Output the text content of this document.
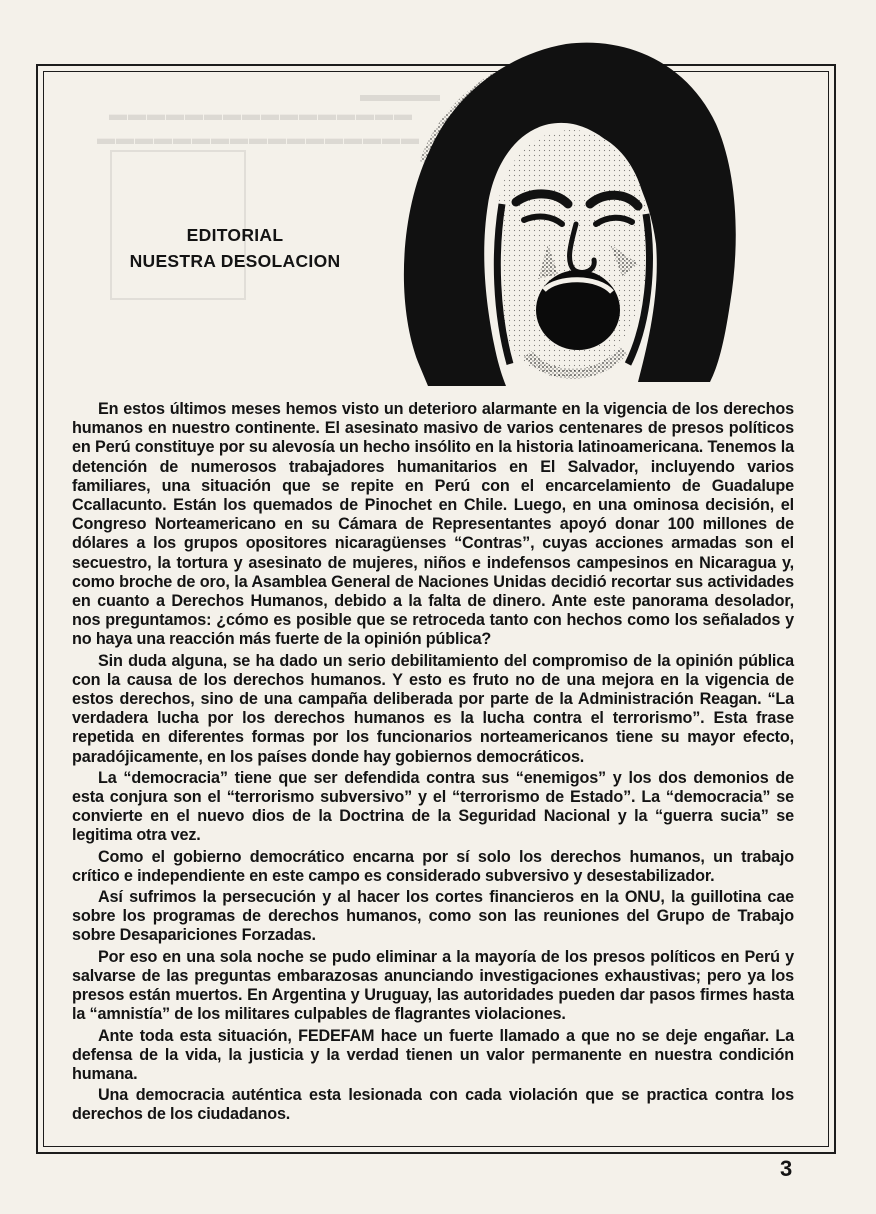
▬▬▬▬
▬▬▬▬▬▬▬▬▬▬▬▬▬▬▬▬
▬▬▬▬▬▬▬▬▬▬▬▬▬▬▬▬▬
EDITORIAL
NUESTRA DESOLACION

En estos últimos meses hemos visto un deterioro alarmante en la vigencia de los derechos humanos en nuestro continente. El asesinato masivo de varios centenares de presos políticos en Perú constituye por su alevosía un hecho insólito en la historia latinoamericana. Tenemos la detención de numerosos trabajadores humanitarios en El Salvador, incluyendo varios familiares, una situación que se repite en Perú con el encarcelamiento de Guadalupe Ccallacunto. Están los quemados de Pinochet en Chile. Luego, en una ominosa decisión, el Congreso Norteamericano en su Cámara de Representantes apoyó donar 100 millones de dólares a los grupos opositores nicaragüenses “Contras”, cuyas acciones armadas son el secuestro, la tortura y asesinato de mujeres, niños e indefensos campesinos en Nicaragua y, como broche de oro, la Asamblea General de Naciones Unidas decidió recortar sus actividades en cuanto a Derechos Humanos, debido a la falta de dinero. Ante este panorama desolador, nos preguntamos: ¿cómo es posible que se retroceda tanto con hechos como los señalados y no haya una reacción más fuerte de la opinión pública?

Sin duda alguna, se ha dado un serio debilitamiento del compromiso de la opinión pública con la causa de los derechos humanos. Y esto es fruto no de una mejora en la vigencia de estos derechos, sino de una campaña deliberada por parte de la Administración Reagan. “La verdadera lucha por los derechos humanos es la lucha contra el terrorismo”. Esta frase repetida en diferentes formas por los funcionarios norteamericanos tiene su mayor efecto, paradójicamente, en los países donde hay gobiernos democráticos.

La “democracia” tiene que ser defendida contra sus “enemigos” y los dos demonios de esta conjura son el “terrorismo subversivo” y el “terrorismo de Estado”. La “democracia” se convierte en el nuevo dios de la Doctrina de la Seguridad Nacional y la “guerra sucia” se legitima otra vez.

Como el gobierno democrático encarna por sí solo los derechos humanos, un trabajo crítico e independiente en este campo es considerado subversivo y desestabilizador.

Así sufrimos la persecución y al hacer los cortes financieros en la ONU, la guillotina cae sobre los programas de derechos humanos, como son las reuniones del Grupo de Trabajo sobre Desapariciones Forzadas.

Por eso en una sola noche se pudo eliminar a la mayoría de los presos políticos en Perú y salvarse de las preguntas embarazosas anunciando investigaciones exhaustivas; pero ya los presos están muertos. En Argentina y Uruguay, las autoridades pueden dar pasos firmes hasta la “amnistía” de los militares culpables de flagrantes violaciones.

Ante toda esta situación, FEDEFAM hace un fuerte llamado a que no se deje engañar. La defensa de la vida, la justicia y la verdad tienen un valor permanente en nuestra condición humana.

Una democracia auténtica esta lesionada con cada violación que se practica contra los derechos de los ciudadanos.

3
